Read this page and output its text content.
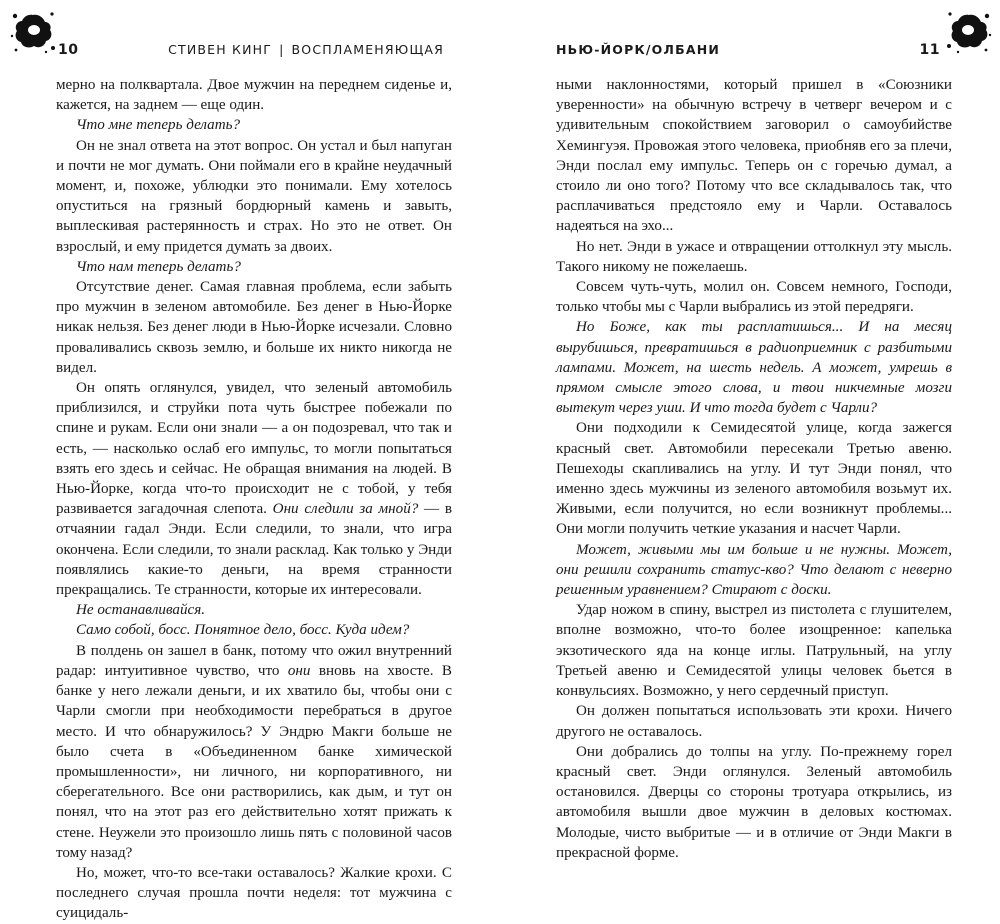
10	СТИВЕН КИНГ | ВОСПЛАМЕНЯЮЩАЯ

мерно на полквартала. Двое мужчин на переднем сиденье и, кажется, на заднем — еще один.

Что мне теперь делать?

Он не знал ответа на этот вопрос. Он устал и был напуган и почти не мог думать. Они поймали его в крайне неудачный момент, и, похоже, ублюдки это понимали. Ему хотелось опуститься на грязный бордюрный камень и завыть, выплескивая растерянность и страх. Но это не ответ. Он взрослый, и ему придется думать за двоих.

Что нам теперь делать?

Отсутствие денег. Самая главная проблема, если забыть про мужчин в зеленом автомобиле. Без денег в Нью-Йорке никак нельзя. Без денег люди в Нью-Йорке исчезали. Словно проваливались сквозь землю, и больше их никто никогда не видел.

Он опять оглянулся, увидел, что зеленый автомобиль приблизился, и струйки пота чуть быстрее побежали по спине и рукам. Если они знали — а он подозревал, что так и есть, — насколько ослаб его импульс, то могли попытаться взять его здесь и сейчас. Не обращая внимания на людей. В Нью-Йорке, когда что-то происходит не с тобой, у тебя развивается загадочная слепота. Они следили за мной? — в отчаянии гадал Энди. Если следили, то знали, что игра окончена. Если следили, то знали расклад. Как только у Энди появлялись какие-то деньги, на время странности прекращались. Те странности, которые их интересовали.

Не останавливайся.

Само собой, босс. Понятное дело, босс. Куда идем?

В полдень он зашел в банк, потому что ожил внутренний радар: интуитивное чувство, что они вновь на хвосте. В банке у него лежали деньги, и их хватило бы, чтобы они с Чарли смогли при необходимости перебраться в другое место. И что обнаружилось? У Эндрю Макги больше не было счета в «Объединенном банке химической промышленности», ни личного, ни корпоративного, ни сберегательного. Все они растворились, как дым, и тут он понял, что на этот раз его действительно хотят прижать к стене. Неужели это произошло лишь пять с половиной часов тому назад?

Но, может, что-то все-таки оставалось? Жалкие крохи. С последнего случая прошла почти неделя: тот мужчина с суицидаль-

11
НЬЮ-ЙОРК/ОЛБАНИ

ными наклонностями, который пришел в «Союзники уверенности» на обычную встречу в четверг вечером и с удивительным спокойствием заговорил о самоубийстве Хемингуэя. Провожая этого человека, приобняв его за плечи, Энди послал ему импульс. Теперь он с горечью думал, а стоило ли оно того? Потому что все складывалось так, что расплачиваться предстояло ему и Чарли. Оставалось надеяться на эхо...

Но нет. Энди в ужасе и отвращении оттолкнул эту мысль. Такого никому не пожелаешь.

Совсем чуть-чуть, молил он. Совсем немного, Господи, только чтобы мы с Чарли выбрались из этой передряги.

Но Боже, как ты расплатишься... И на месяц вырубишься, превратишься в радиоприемник с разбитыми лампами. Может, на шесть недель. А может, умрешь в прямом смысле этого слова, и твои никчемные мозги вытекут через уши. И что тогда будет с Чарли?

Они подходили к Семидесятой улице, когда зажегся красный свет. Автомобили пересекали Третью авеню. Пешеходы скапливались на углу. И тут Энди понял, что именно здесь мужчины из зеленого автомобиля возьмут их. Живыми, если получится, но если возникнут проблемы... Они могли получить четкие указания и насчет Чарли.

Может, живыми мы им больше и не нужны. Может, они решили сохранить статус-кво? Что делают с неверно решенным уравнением? Стирают с доски.

Удар ножом в спину, выстрел из пистолета с глушителем, вполне возможно, что-то более изощренное: капелька экзотического яда на конце иглы. Патрульный, на углу Третьей авеню и Семидесятой улицы человек бьется в конвульсиях. Возможно, у него сердечный приступ.

Он должен попытаться использовать эти крохи. Ничего другого не оставалось.

Они добрались до толпы на углу. По-прежнему горел красный свет. Энди оглянулся. Зеленый автомобиль остановился. Дверцы со стороны тротуара открылись, из автомобиля вышли двое мужчин в деловых костюмах. Молодые, чисто выбритые — и в отличие от Энди Макги в прекрасной форме.
